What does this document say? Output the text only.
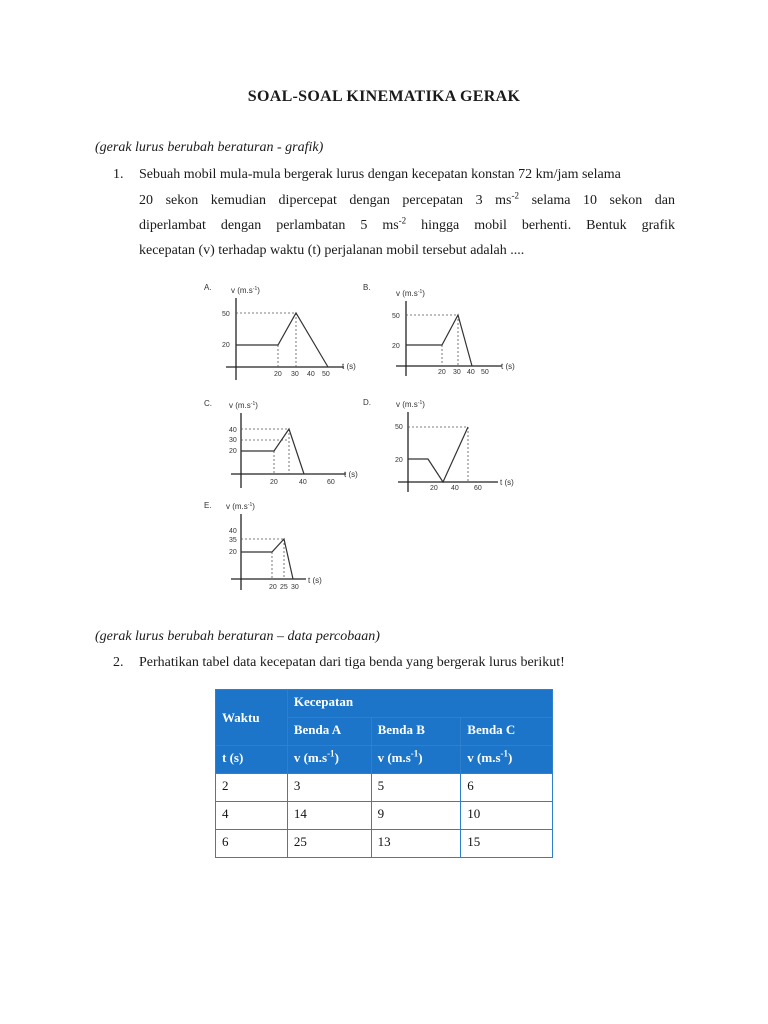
SOAL-SOAL KINEMATIKA GERAK
(gerak lurus berubah beraturan - grafik)
1. Sebuah mobil mula-mula bergerak lurus dengan kecepatan konstan 72 km/jam selama
20 sekon kemudian dipercepat dengan percepatan 3 $ms^{-2}$ selama 10 sekon dan
diperlambat dengan perlambatan 5 $ms^{-2}$ hingga mobil berhenti. Bentuk grafik
kecepatan (v) terhadap waktu (t) perjalanan mobil tersebut adalah ....
A. v $(m.s^{-1})$
50
20
20 30 40 50
t (s)
B.
v $(m.s^{-1})$
50
20
20 30 40 50
t (s)
C. v $(m.s^{-1})$
40
30
20
20	40	60
t (s)
D.	v $(m.s^{-1})$
50
20
20 40 60
t (s)
E. v $(m.s^{-1})$
40
35
20
20 25 30
t (s)
(gerak lurus berubah beraturan – data percobaan)
2. Perhatikan tabel data kecepatan dari tiga benda yang bergerak lurus berikut!
Waktu	Kecepatan		
	Benda A	Benda B	Benda C
t (s)	v $(m.s^{-1})$	v $(m.s^{-1})$	v $(m.s^{-1})$
2	3	5	6
4	14	9	10
6	25	13	15
